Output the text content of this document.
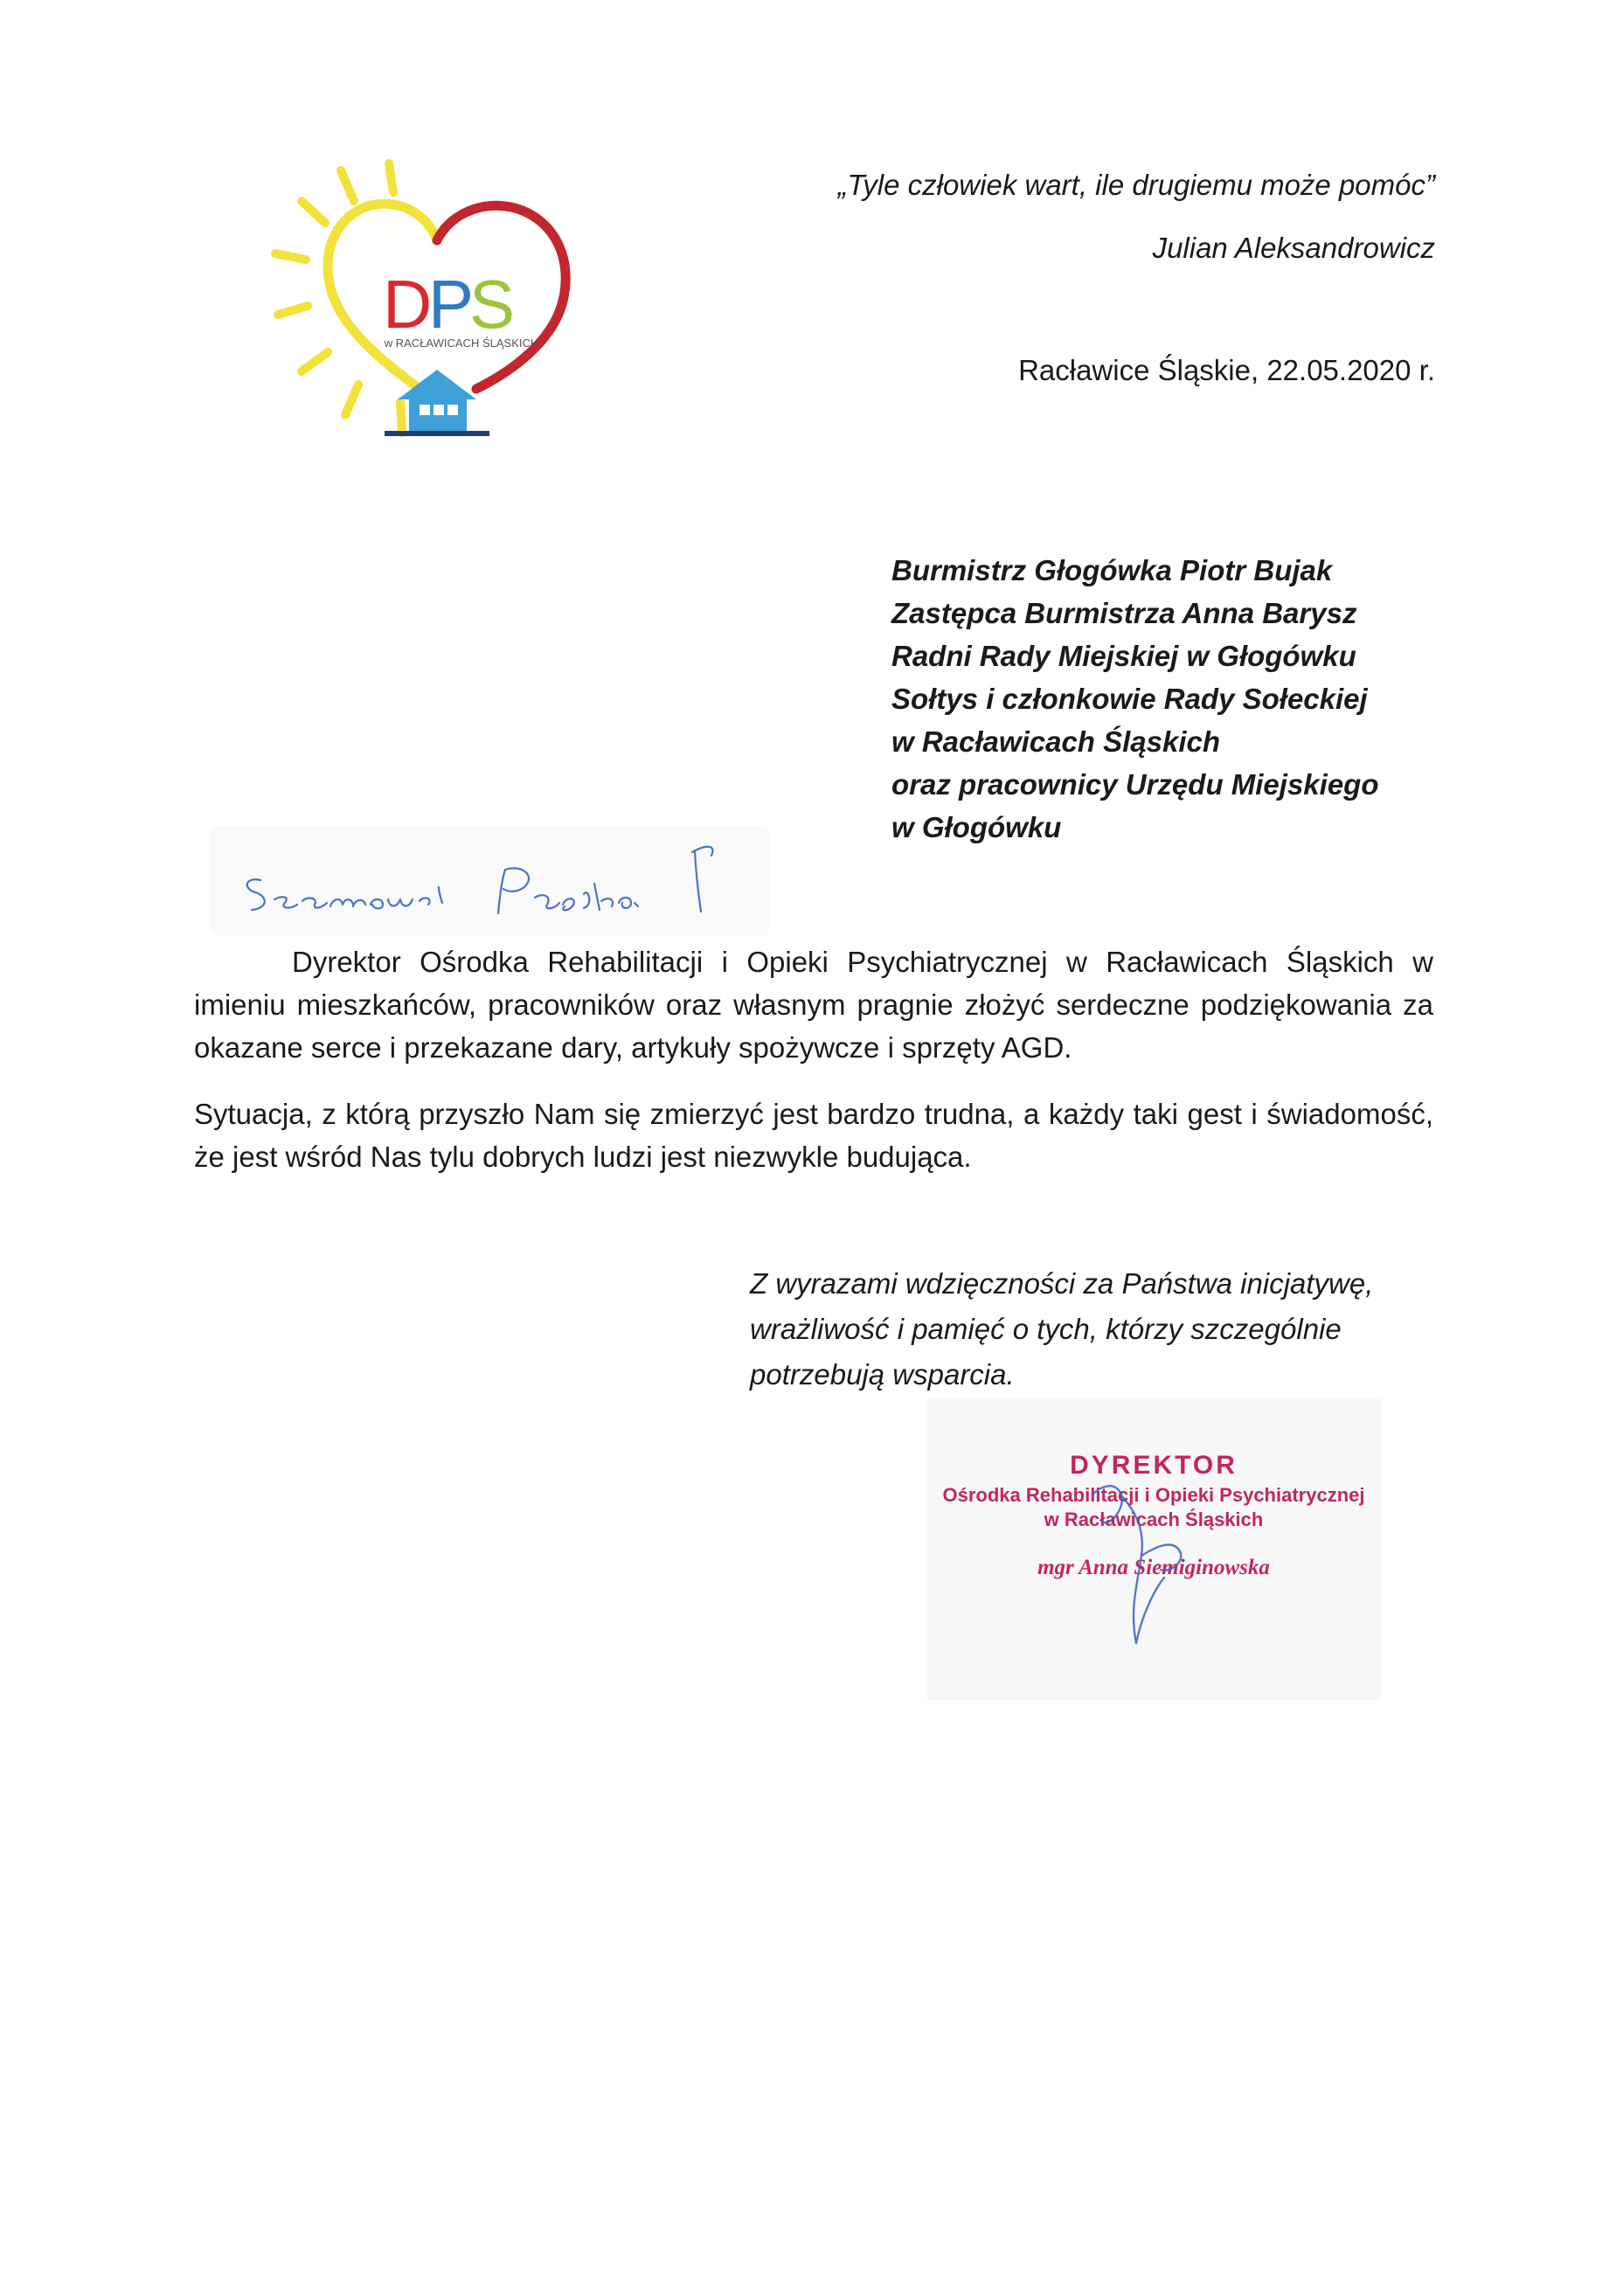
D
P
S
w RACŁAWICACH ŚLĄSKICH
„Tyle człowiek wart, ile drugiemu może pomóc”
Julian Aleksandrowicz
Racławice Śląskie, 22.05.2020 r.
Burmistrz Głogówka Piotr Bujak
Zastępca Burmistrza Anna Barysz
Radni Rady Miejskiej w Głogówku
Sołtys i członkowie Rady Sołeckiej
w Racławicach Śląskich
oraz pracownicy Urzędu Miejskiego
w Głogówku
Dyrektor Ośrodka Rehabilitacji i Opieki Psychiatrycznej w Racławicach Śląskich w imieniu mieszkańców, pracowników oraz własnym pragnie złożyć serdeczne podziękowania za okazane serce i przekazane dary, artykuły spożywcze i sprzęty AGD.
Sytuacja, z którą przyszło Nam się zmierzyć jest bardzo trudna, a każdy taki gest i świadomość, że jest wśród Nas tylu dobrych ludzi jest niezwykle budująca.
Z wyrazami wdzięczności za Państwa inicjatywę,
wrażliwość i pamięć o tych, którzy szczególnie
potrzebują wsparcia.
DYREKTOR
Ośrodka Rehabilitacji i Opieki Psychiatrycznej
w Racławicach Śląskich
mgr Anna Siemiginowska
